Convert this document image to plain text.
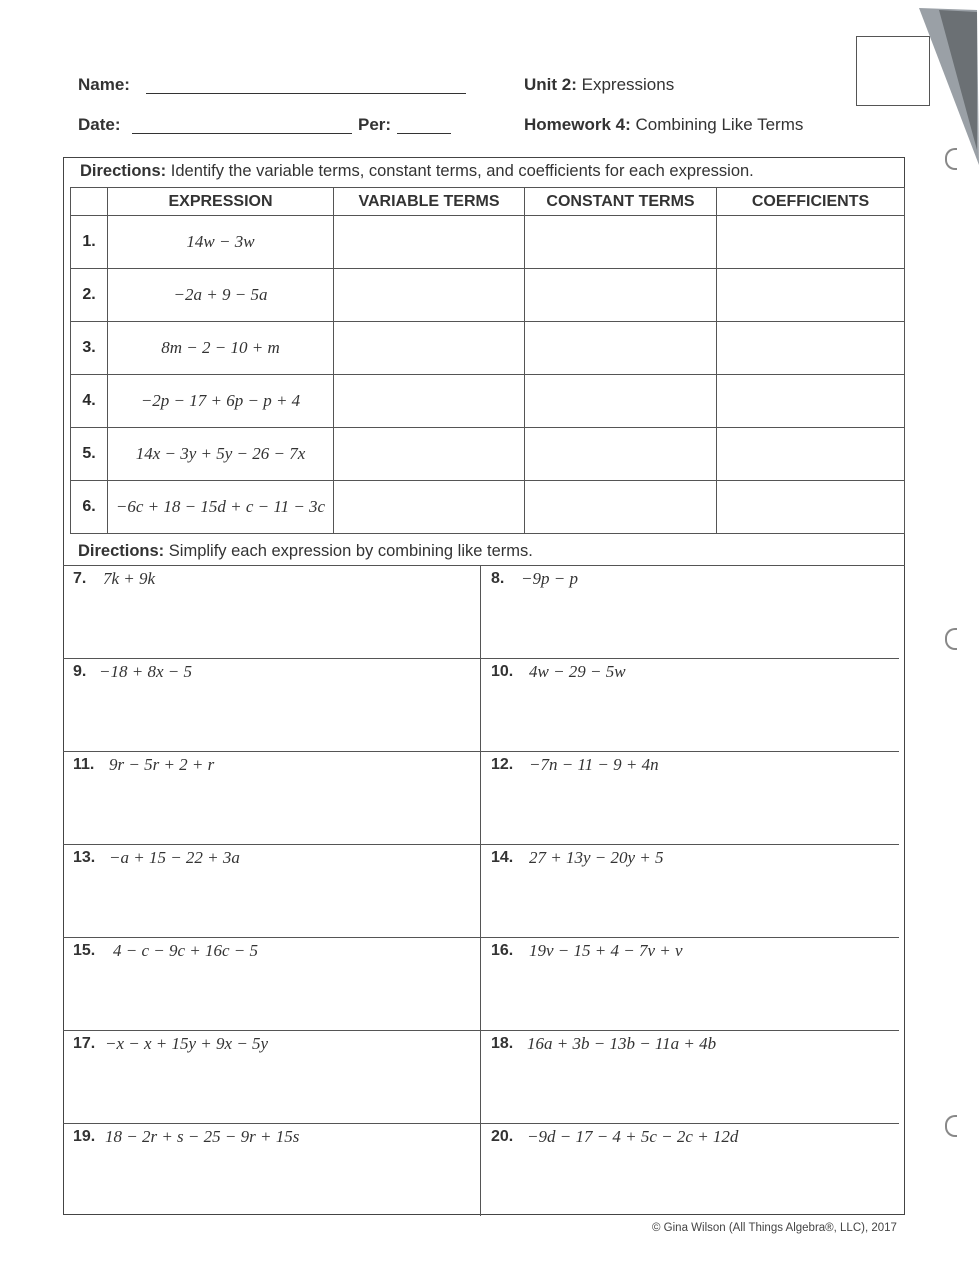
Name:
Date:	Per:
Unit 2: Expressions
Homework 4: Combining Like Terms
Directions: Identify the variable terms, constant terms, and coefficients for each expression.
	EXPRESSION	VARIABLE TERMS	CONSTANT TERMS	COEFFICIENTS
1.	14w − 3w			
2.	−2a + 9 − 5a			
3.	8m − 2 − 10 + m			
4.	−2p − 17 + 6p − p + 4			
5.	14x − 3y + 5y − 26 − 7x			
6.	−6c + 18 − 15d + c − 11 − 3c			
Directions: Simplify each expression by combining like terms.
7. 7k + 9k	8. −9p − p
9. −18 + 8x − 5	10. 4w − 29 − 5w
11. 9r − 5r + 2 + r	12. −7n − 11 − 9 + 4n
13. −a + 15 − 22 + 3a	14. 27 + 13y − 20y + 5
15. 4 − c − 9c + 16c − 5	16. 19v − 15 + 4 − 7v + v
17. −x − x + 15y + 9x − 5y	18. 16a + 3b − 13b − 11a + 4b
19. 18 − 2r + s − 25 − 9r + 15s	20. −9d − 17 − 4 + 5c − 2c + 12d
© Gina Wilson (All Things Algebra®, LLC), 2017
